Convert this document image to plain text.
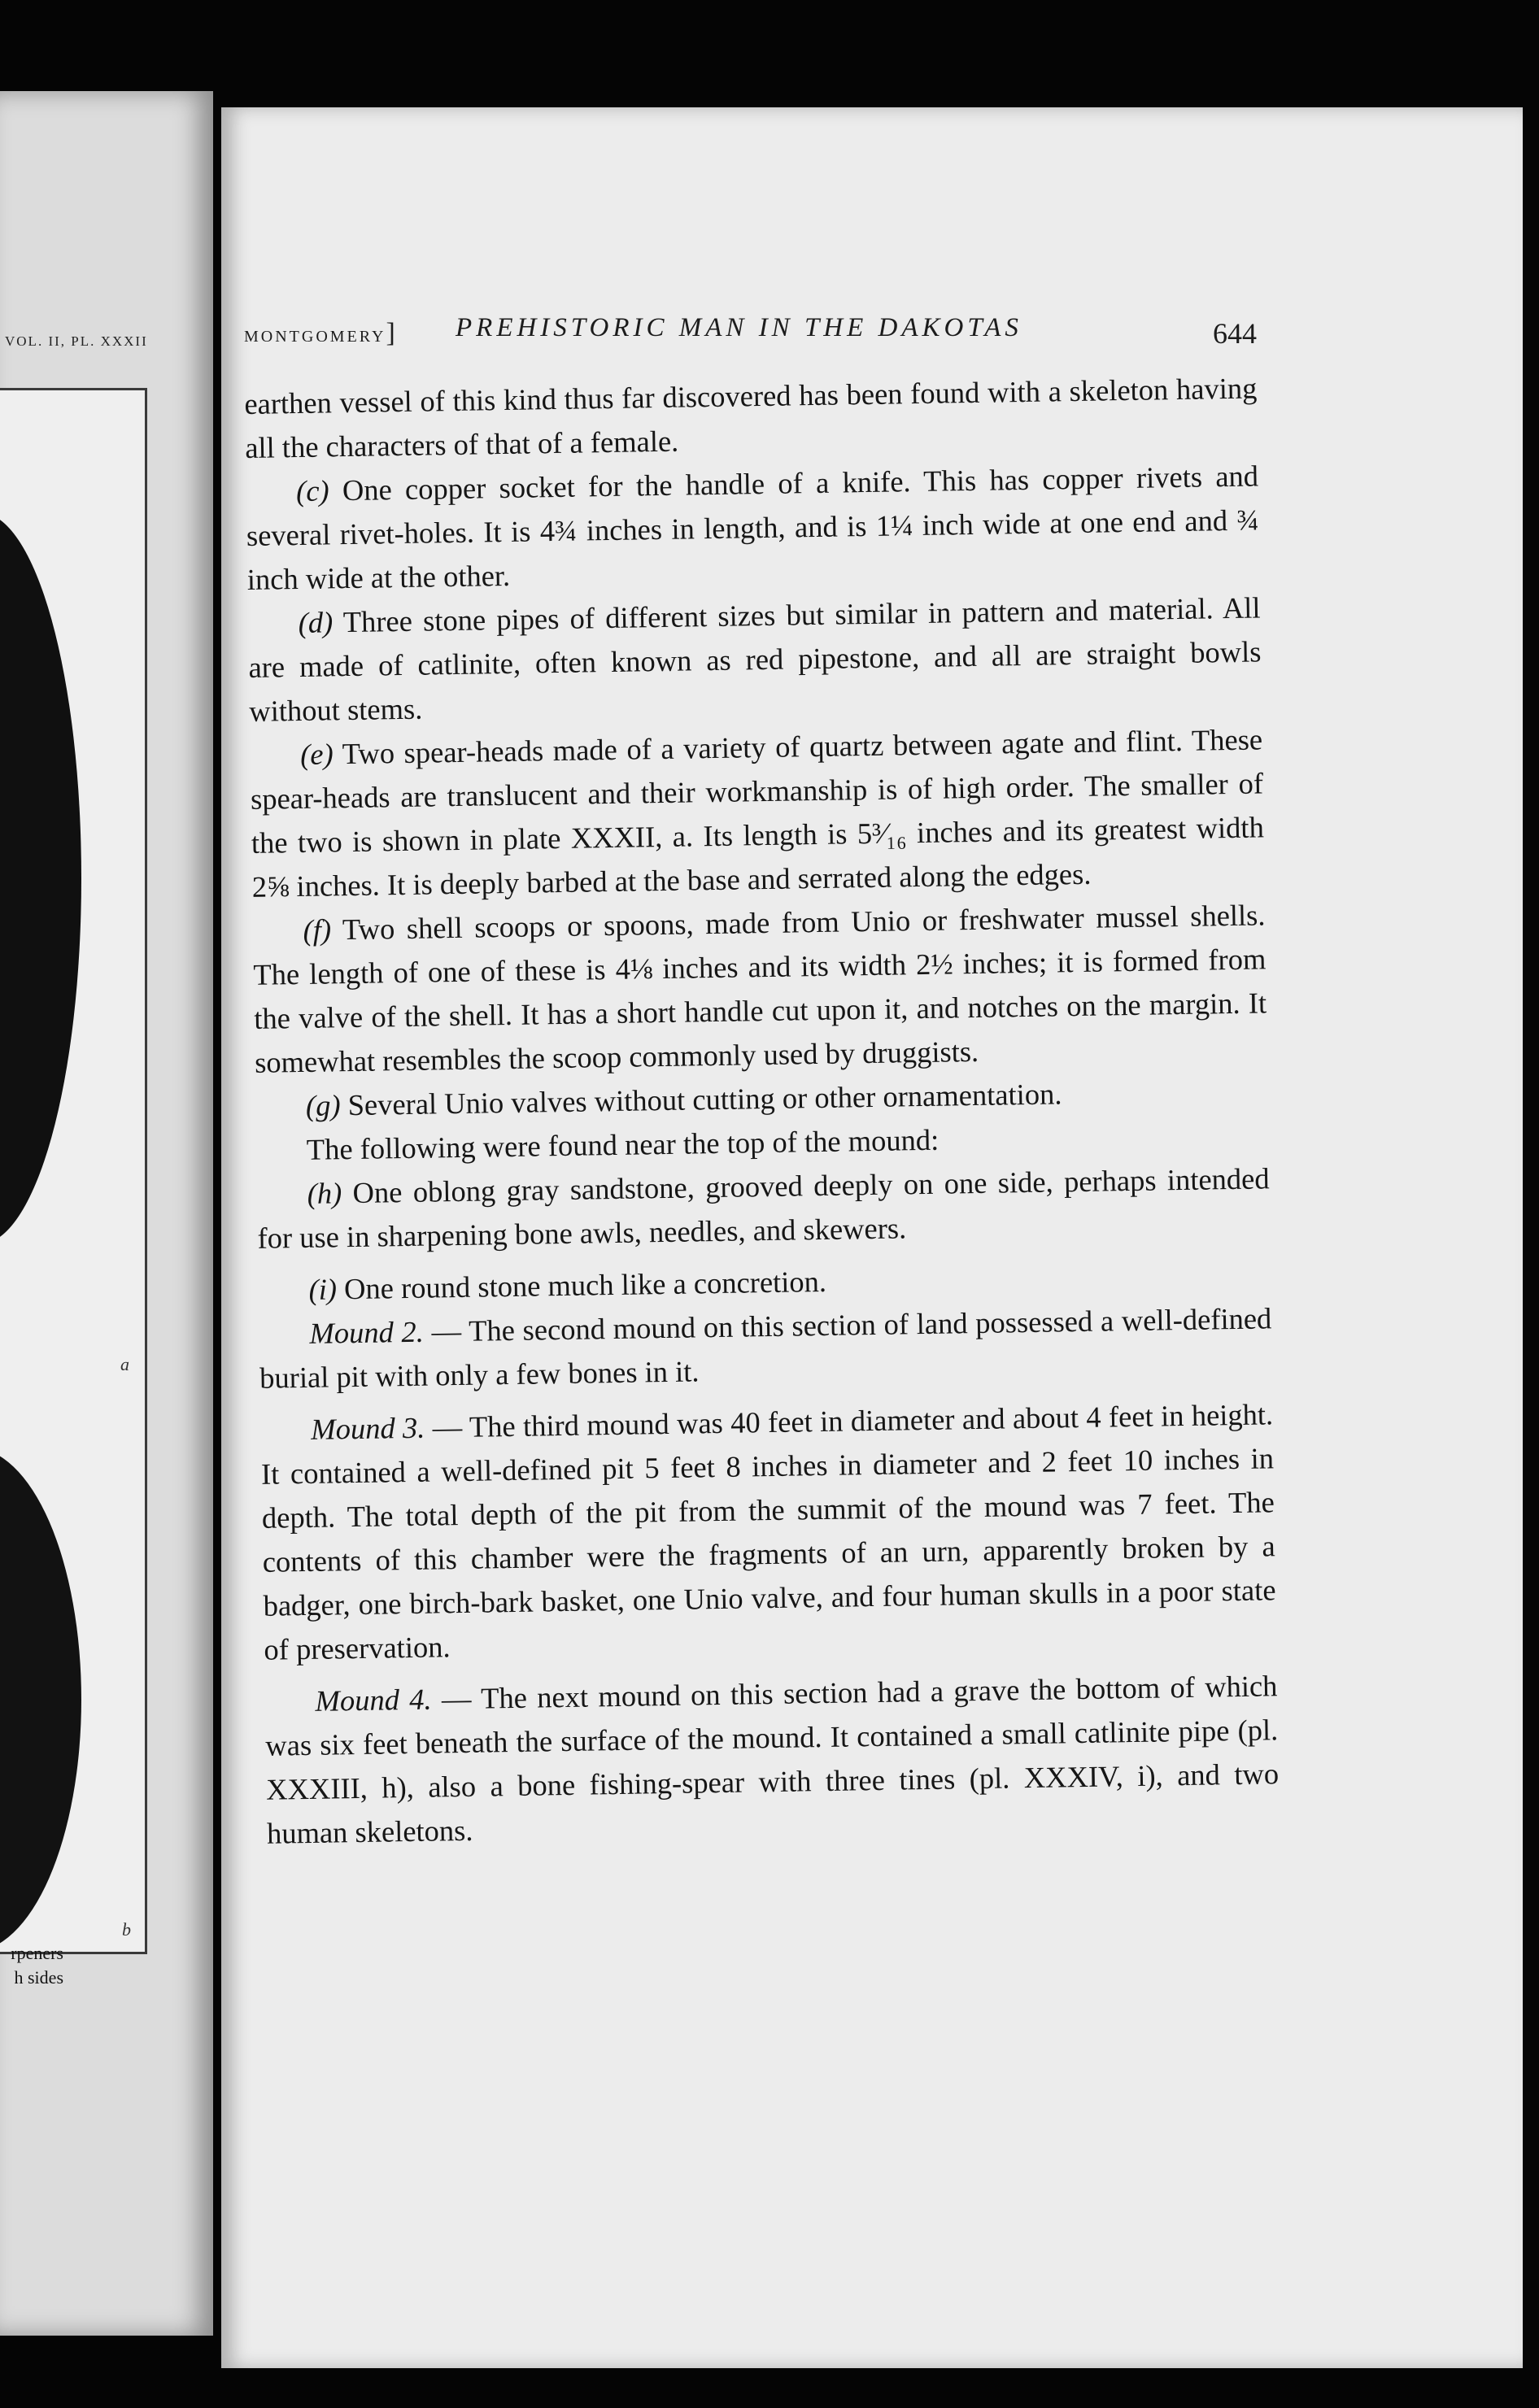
VOL. II, PL. XXXII
a
b
rpeners
h sides
MONTGOMERY] PREHISTORIC MAN IN THE DAKOTAS	644

earthen vessel of this kind thus far discovered has been found with a skeleton having all the characters of that of a female.

(c) One copper socket for the handle of a knife. This has copper rivets and several rivet-holes. It is 4¾ inches in length, and is 1¼ inch wide at one end and ¾ inch wide at the other.

(d) Three stone pipes of different sizes but similar in pattern and material. All are made of catlinite, often known as red pipestone, and all are straight bowls without stems.

(e) Two spear-heads made of a variety of quartz between agate and flint. These spear-heads are translucent and their workmanship is of high order. The smaller of the two is shown in plate XXXII, a. Its length is 5³⁄₁₆ inches and its greatest width 2⅝ inches. It is deeply barbed at the base and serrated along the edges.

(f) Two shell scoops or spoons, made from Unio or freshwater mussel shells. The length of one of these is 4⅛ inches and its width 2½ inches; it is formed from the valve of the shell. It has a short handle cut upon it, and notches on the margin. It somewhat resembles the scoop commonly used by druggists.

(g) Several Unio valves without cutting or other ornamentation.

The following were found near the top of the mound:

(h) One oblong gray sandstone, grooved deeply on one side, perhaps intended for use in sharpening bone awls, needles, and skewers.

(i) One round stone much like a concretion.

Mound 2. — The second mound on this section of land possessed a well-defined burial pit with only a few bones in it.

Mound 3. — The third mound was 40 feet in diameter and about 4 feet in height. It contained a well-defined pit 5 feet 8 inches in diameter and 2 feet 10 inches in depth. The total depth of the pit from the summit of the mound was 7 feet. The contents of this chamber were the fragments of an urn, apparently broken by a badger, one birch-bark basket, one Unio valve, and four human skulls in a poor state of preservation.

Mound 4. — The next mound on this section had a grave the bottom of which was six feet beneath the surface of the mound. It contained a small catlinite pipe (pl. XXXIII, h), also a bone fishing-spear with three tines (pl. XXXIV, i), and two human skeletons.
